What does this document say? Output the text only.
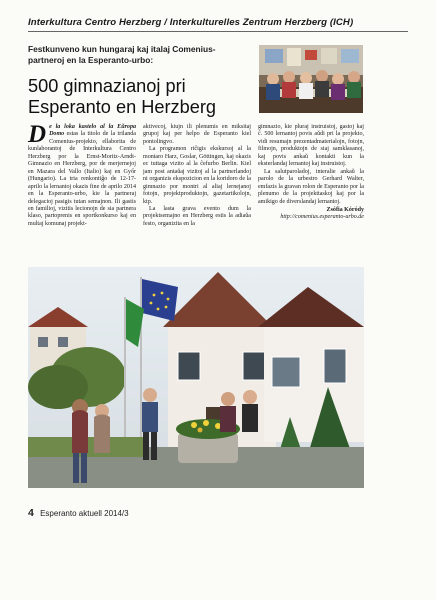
Interkultura Centro Herzberg / Interkulturelles Zentrum Herzberg (ICH)
Festkunveno kun hungaraj kaj italaj Comenius-partneroj en la Esperanto-urbo:
500 gimnazianoj pri Esperanto en Herzberg

De la loka kastelo al la Eŭropa Domo estas la titolo de la trilanda Comenius-projekto, ellaborita de kunlaborantoj de Interkultura Centro Herzberg por la Ernst-Moritz-Arndt-Gimnazio en Herzberg, por de merjernejoj en Mazara del Vallo (Italio) kaj en Győr (Hungario). La tria renkontiĝo de 12-17-aprilo la lernantoj okazis fine de aprilo 2014 en la Esperanto-urbo, kie la partneraj delegacioj pasigis tutan semajnon. Ili gastis en familioj, vizitis lecionojn de sia partnera klaso, partoprenis en sportkonkurso kaj en multaj komunaj projekt-

aktivecoj, kiujn ili plenumis en miksitaj grupoj kaj per helpo de Esperanto kiel pontolingvo.

La programon riĉigis ekskursoj al la montaro Harz, Goslar, Göttingen, kaj okazis ec tuttaga vizito al la ĉefurbo Berlin. Kiel jam post antaŭaj vizitoj al la partnerlandoj ni organizis ekspozicion en la koridoro de la gimnazio por montri al aliaj lernejanoj fotojn, projektproduktojn, gazetartikolojn, ktp.

La lasta grava evento dum la projektsemajno en Herzberg estis la adiaŭa festo, organizita en la

gimnazio, kie pluraj instruistoj, gastoj kaj ĉ. 500 lernantoj povis aŭdi pri la projekto, vidi resumajn prezentadmaterialojn, fotojn, filmojn, produktojn de siaj samklasanoj, kaj povis ankaŭ kontakti kun la eksterlandaj lernantoj kaj instruistoj.

La salutparoladoj, interalie ankaŭ la parolo de la urbestro Gerhard Walter, emfazis la gravan rolon de Esperanto por la plenumo de la projekttaskoj kaj por la amikigo de diverslandaj lernantoj.

Zsófia Kóródy

http://comenius.esperanto-urbo.de

4 Esperanto aktuell 2014/3
